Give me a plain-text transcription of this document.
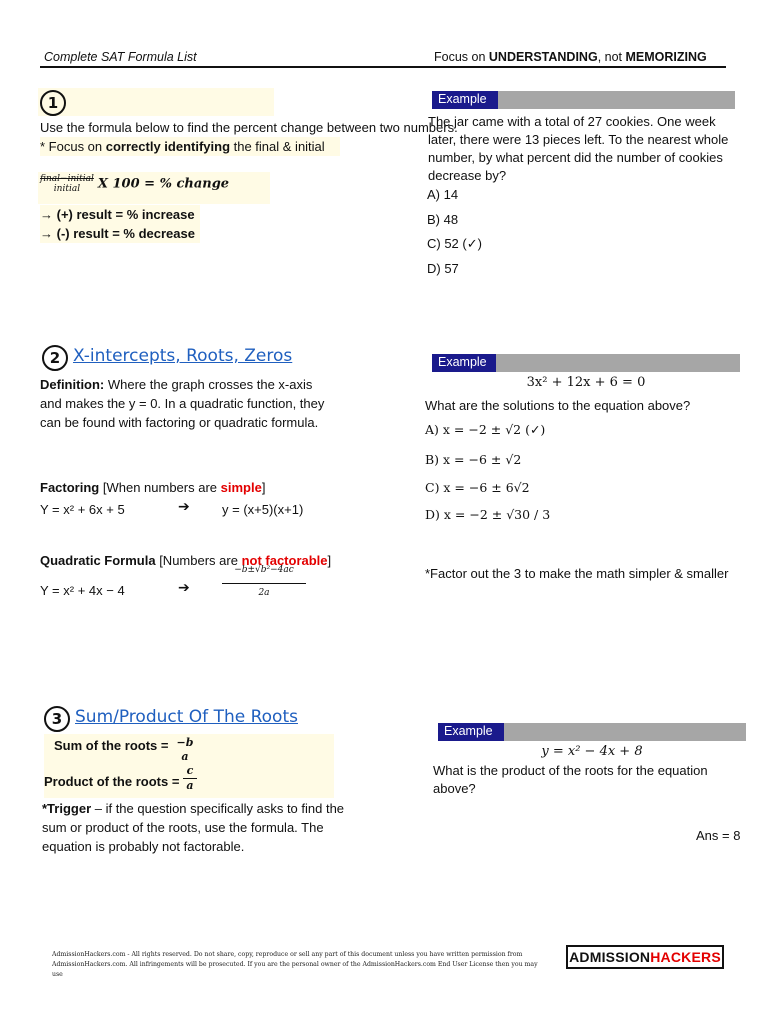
Complete SAT Formula List	Focus on UNDERSTANDING, not MEMORIZING
1
Use the formula below to find the percent change between two numbers.
* Focus on correctly identifying the final & initial
final−initial
initial	X 100 = % change
→ (+) result = % increase
→ (-) result = % decrease
Example
The jar came with a total of 27 cookies. One week later, there were 13 pieces left. To the nearest whole number, by what percent did the number of cookies decrease by?
A) 14
B) 48
C) 52 (✓)
D) 57
2 X-intercepts, Roots, Zeros
Definition: Where the graph crosses the x-axis and makes the y = 0. In a quadratic function, they can be found with factoring or quadratic formula.
Factoring [When numbers are simple]
Y = x² + 6x + 5	➔ y = (x+5)(x+1)
Quadratic Formula [Numbers are not factorable]
Y = x² + 4x − 4	➔
−b±√b²−4ac
2a
Example
3x² + 12x + 6 = 0
What are the solutions to the equation above?
A) x = −2 ± √2 (✓)
B) x = −6 ± √2
C) x = −6 ± 6√2
D) x = −2 ± √30 / 3
*Factor out the 3 to make the math simpler & smaller
3 Sum/Product Of The Roots
Sum of the roots = −b
a
Product of the roots =
c
a
*Trigger – if the question specifically asks to find the sum or product of the roots, use the formula. The equation is probably not factorable.
Example
y = x² − 4x + 8
What is the product of the roots for the equation above?
Ans = 8
AdmissionHackers.com - All rights reserved. Do not share, copy, reproduce or sell any part of this document unless you have written permission from AdmissionHackers.com. All infringements will be prosecuted. If you are the personal owner of the AdmissionHackers.com End User License then you may use
ADMISSION HACKERS
